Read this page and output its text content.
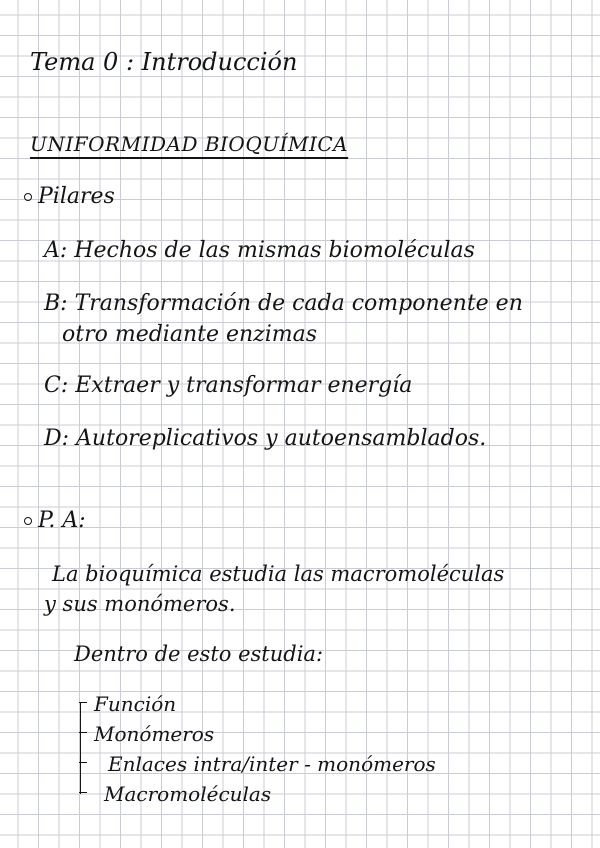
Tema 0 : Introducción
UNIFORMIDAD BIOQUÍMICA
Pilares
A: Hechos de las mismas biomoléculas
B: Transformación de cada componente en
otro mediante enzimas
C: Extraer y transformar energía
D: Autoreplicativos y autoensamblados.
P. A:
La bioquímica estudia las macromoléculas
y sus monómeros.
Dentro de esto estudia:
Función
Monómeros
Enlaces intra/inter - monómeros
Macromoléculas
